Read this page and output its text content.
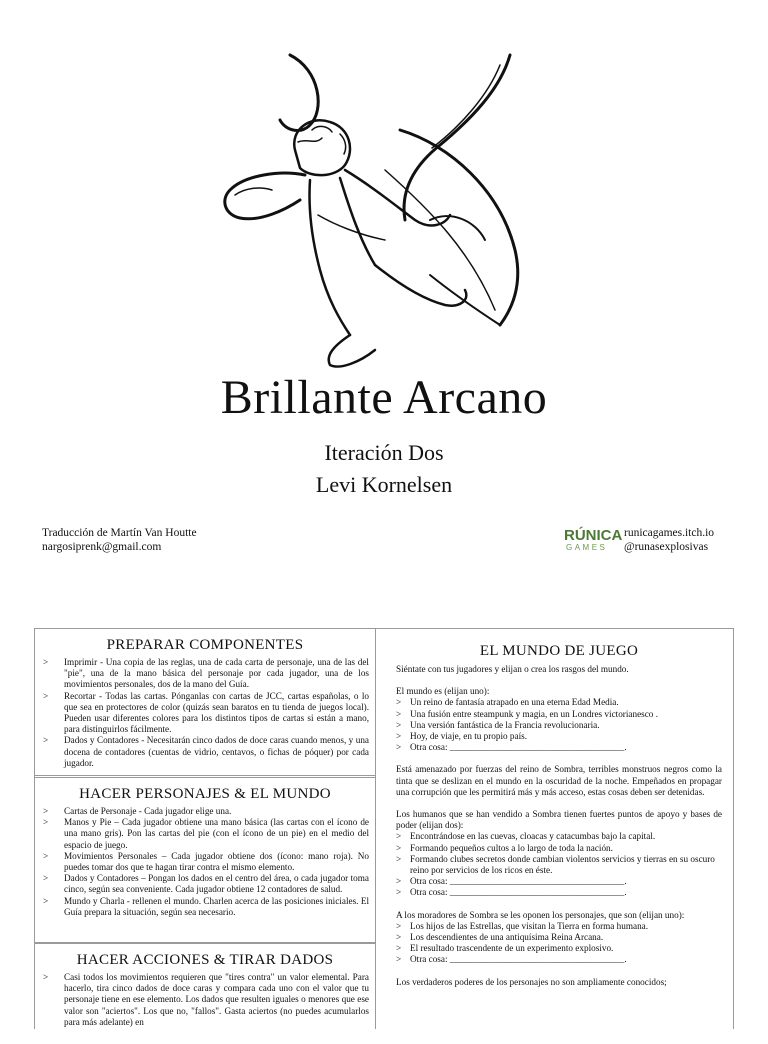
Brillante Arcano
Iteración Dos
Levi Kornelsen
Traducción de Martín Van Houtte
nargosiprenk@gmail.com
RÚNICA
GAMES
runicagames.itch.io
@runasexplosivas
PREPARAR COMPONENTES
> Imprimir - Una copia de las reglas, una de cada carta de personaje, una de las del "pie", una de la mano básica del personaje por cada jugador, una de los movimientos personales, dos de la mano del Guía.
> Recortar - Todas las cartas. Pónganlas con cartas de JCC, cartas españolas, o lo que sea en protectores de color (quizás sean baratos en tu tienda de juegos local). Pueden usar diferentes colores para los distintos tipos de cartas si están a mano, para distinguirlos fácilmente.
> Dados y Contadores - Necesitarán cinco dados de doce caras cuando menos, y una docena de contadores (cuentas de vidrio, centavos, o fichas de póquer) por cada jugador.
HACER PERSONAJES & EL MUNDO
> Cartas de Personaje - Cada jugador elige una.
> Manos y Pie – Cada jugador obtiene una mano básica (las cartas con el ícono de una mano gris). Pon las cartas del pie (con el ícono de un pie) en el medio del espacio de juego.
> Movimientos Personales – Cada jugador obtiene dos (ícono: mano roja). No puedes tomar dos que te hagan tirar contra el mismo elemento.
> Dados y Contadores – Pongan los dados en el centro del área, o cada jugador toma cinco, según sea conveniente. Cada jugador obtiene 12 contadores de salud.
> Mundo y Charla - rellenen el mundo. Charlen acerca de las posiciones iniciales. El Guía prepara la situación, según sea necesario.
HACER ACCIONES & TIRAR DADOS
> Casi todos los movimientos requieren que "tires contra" un valor elemental. Para hacerlo, tira cinco dados de doce caras y compara cada uno con el valor que tu personaje tiene en ese elemento. Los dados que resulten iguales o menores que ese valor son "aciertos". Los que no, "fallos". Gasta aciertos (no puedes acumularlos para más adelante) en
EL MUNDO DE JUEGO

Siéntate con tus jugadores y elijan o crea los rasgos del mundo.

El mundo es (elijan uno):

> Un reino de fantasía atrapado en una eterna Edad Media.
> Una fusión entre steampunk y magia, en un Londres victorianesco .
> Una versión fantástica de la Francia revolucionaria.
> Hoy, de viaje, en tu propio país.
> Otra cosa: ______________________________________.

Está amenazado por fuerzas del reino de Sombra, terribles monstruos negros como la tinta que se deslizan en el mundo en la oscuridad de la noche. Empeñados en propagar una corrupción que les permitirá más y más acceso, estas cosas deben ser detenidas.

Los humanos que se han vendido a Sombra tienen fuertes puntos de apoyo y bases de poder (elijan dos):

> Encontrándose en las cuevas, cloacas y catacumbas bajo la capital.
> Formando pequeños cultos a lo largo de toda la nación.
> Formando clubes secretos donde cambian violentos servicios y tierras en su oscuro reino por servicios de los ricos en éste.
> Otra cosa: ______________________________________.
> Otra cosa: ______________________________________.

A los moradores de Sombra se les oponen los personajes, que son (elijan uno):

> Los hijos de las Estrellas, que visitan la Tierra en forma humana.
> Los descendientes de una antiquísima Reina Arcana.
> El resultado trascendente de un experimento explosivo.
> Otra cosa: ______________________________________.

Los verdaderos poderes de los personajes no son ampliamente conocidos;
